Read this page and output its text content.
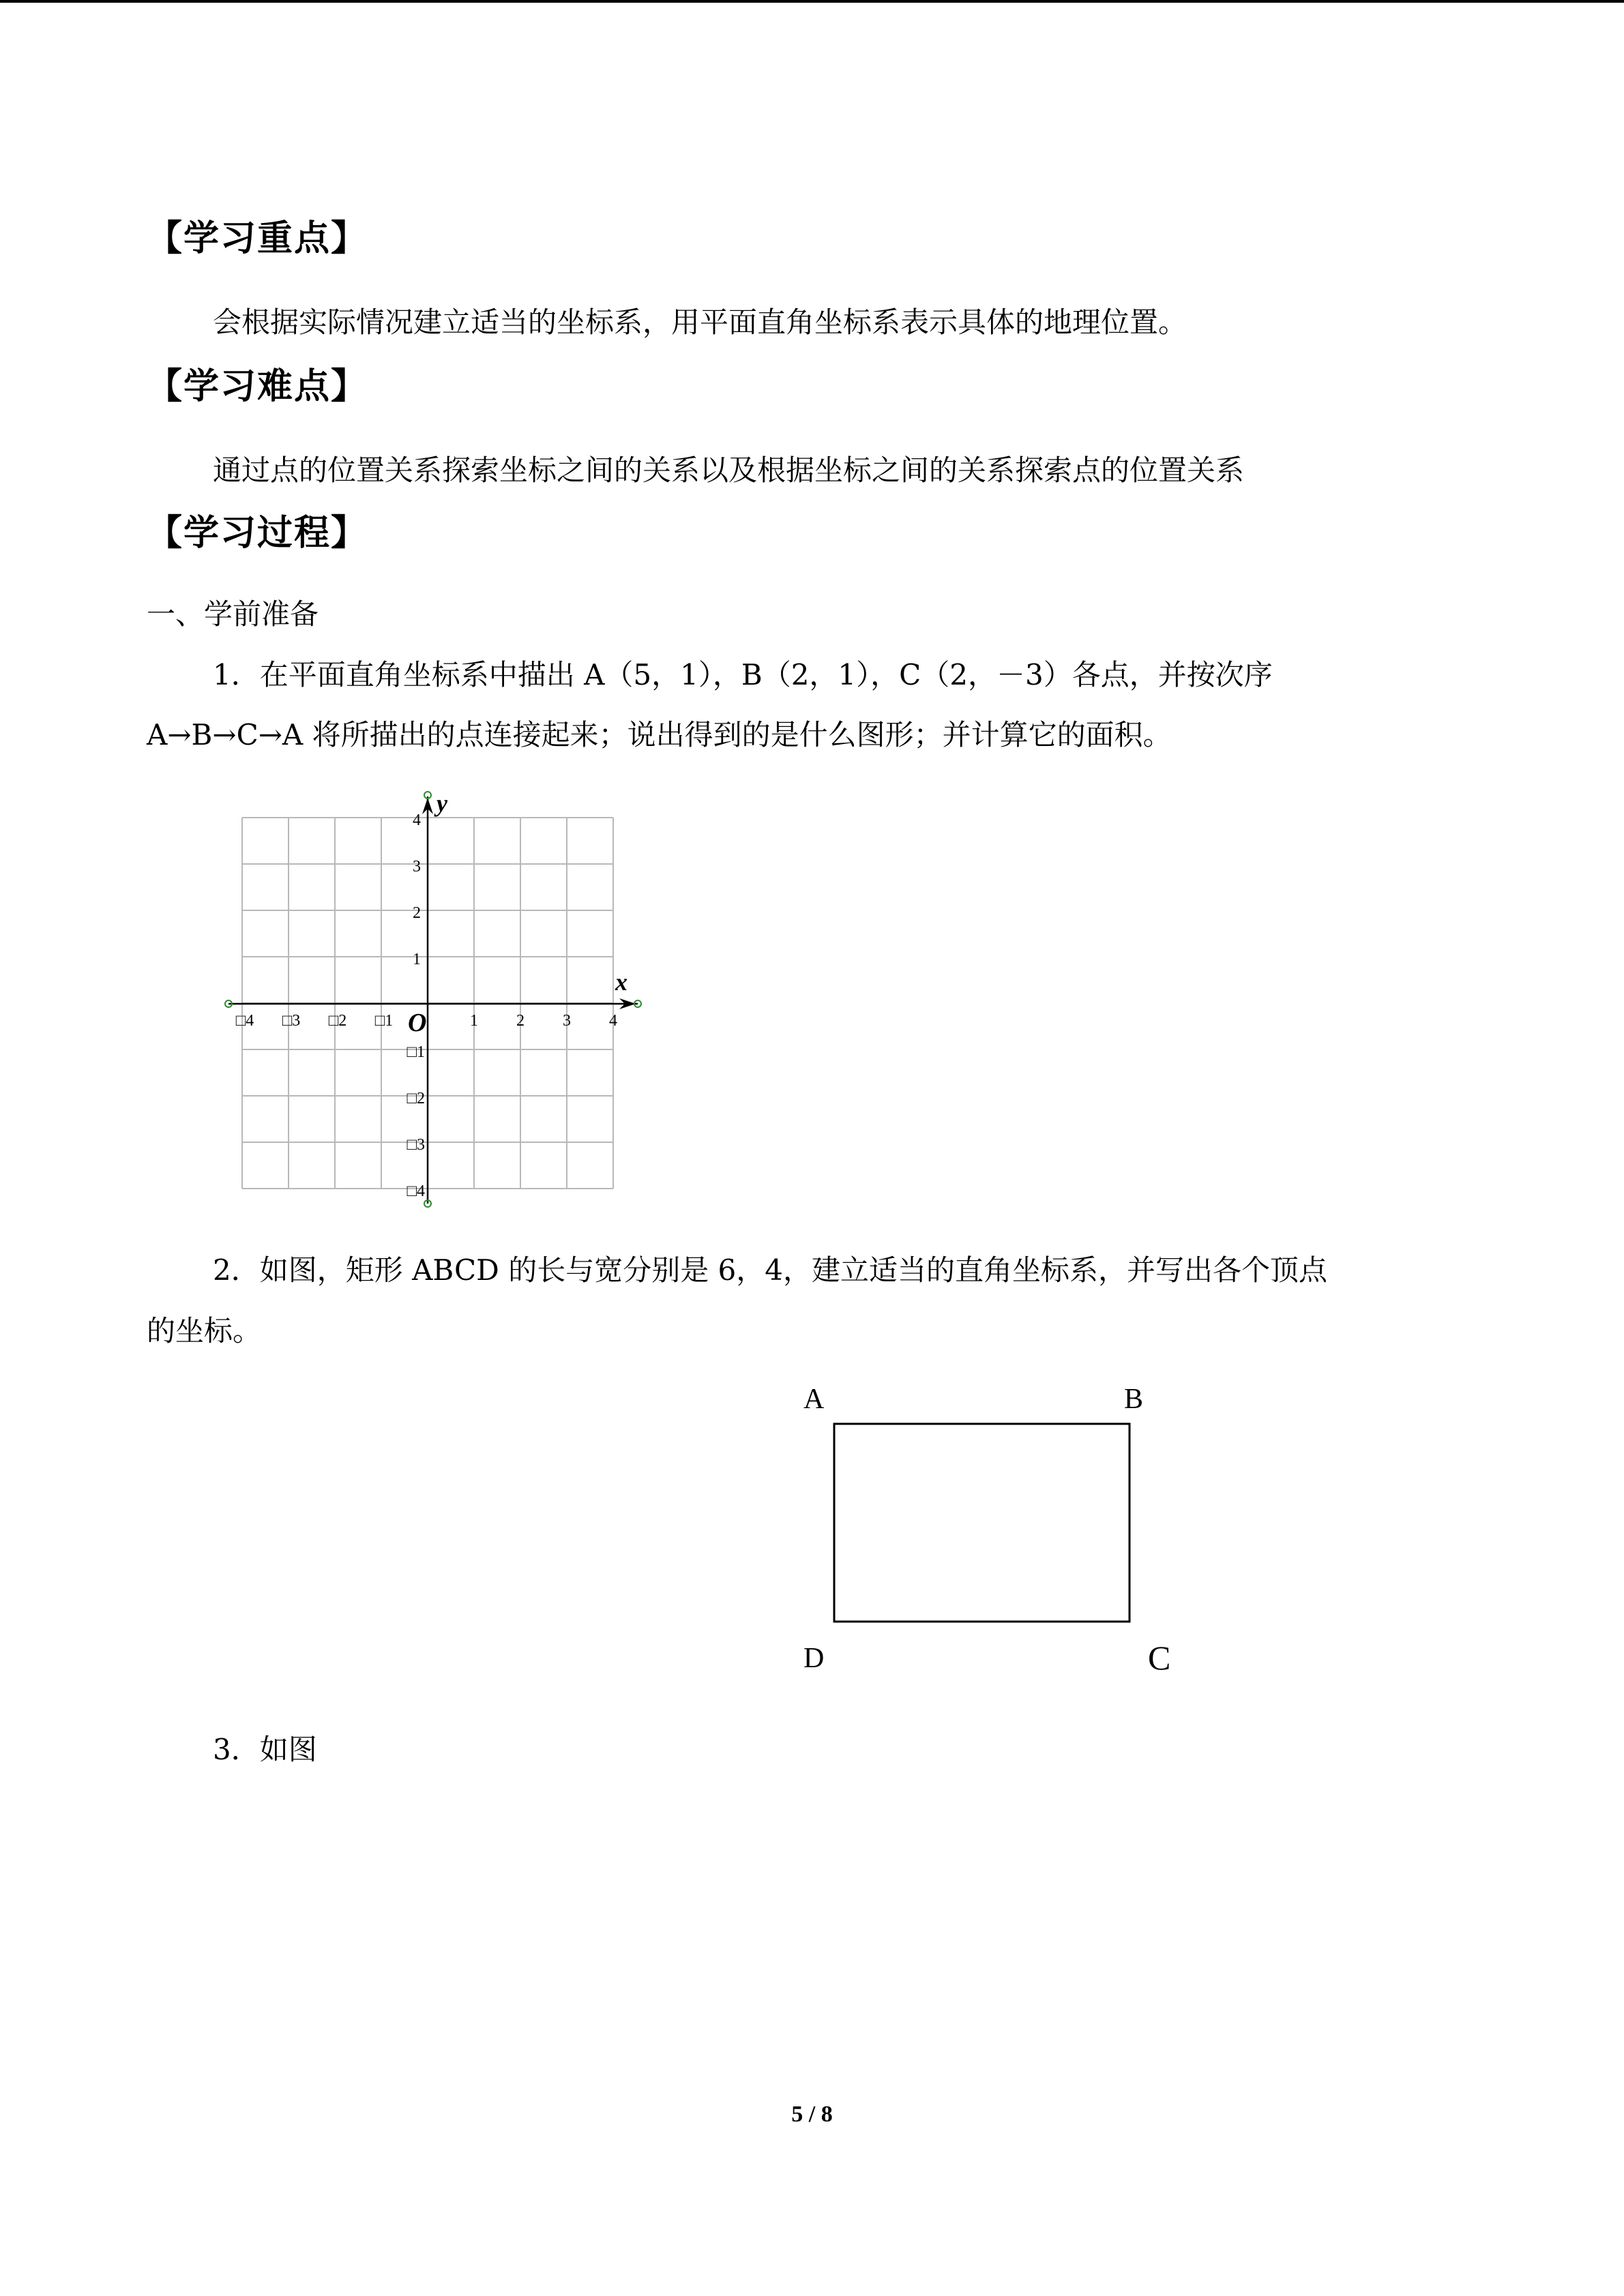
【学习重点】

会根据实际情况建立适当的坐标系，用平面直角坐标系表示具体的地理位置。

【学习难点】

通过点的位置关系探索坐标之间的关系以及根据坐标之间的关系探索点的位置关系

【学习过程】

一、学前准备

1．在平面直角坐标系中描出 A（5，1），B（2，1），C（2，－3）各点，并按次序

A→B→C→A 将所描出的点连接起来；说出得到的是什么图形；并计算它的面积。

1
1
2
2
3
3
4
4
□4 □3 □2 □1
□1
□2
□3
□4
x
y
O

2．如图，矩形 ABCD 的长与宽分别是 6，4，建立适当的直角坐标系，并写出各个顶点

的坐标。

A	B
D	C

3．如图

5 / 8
